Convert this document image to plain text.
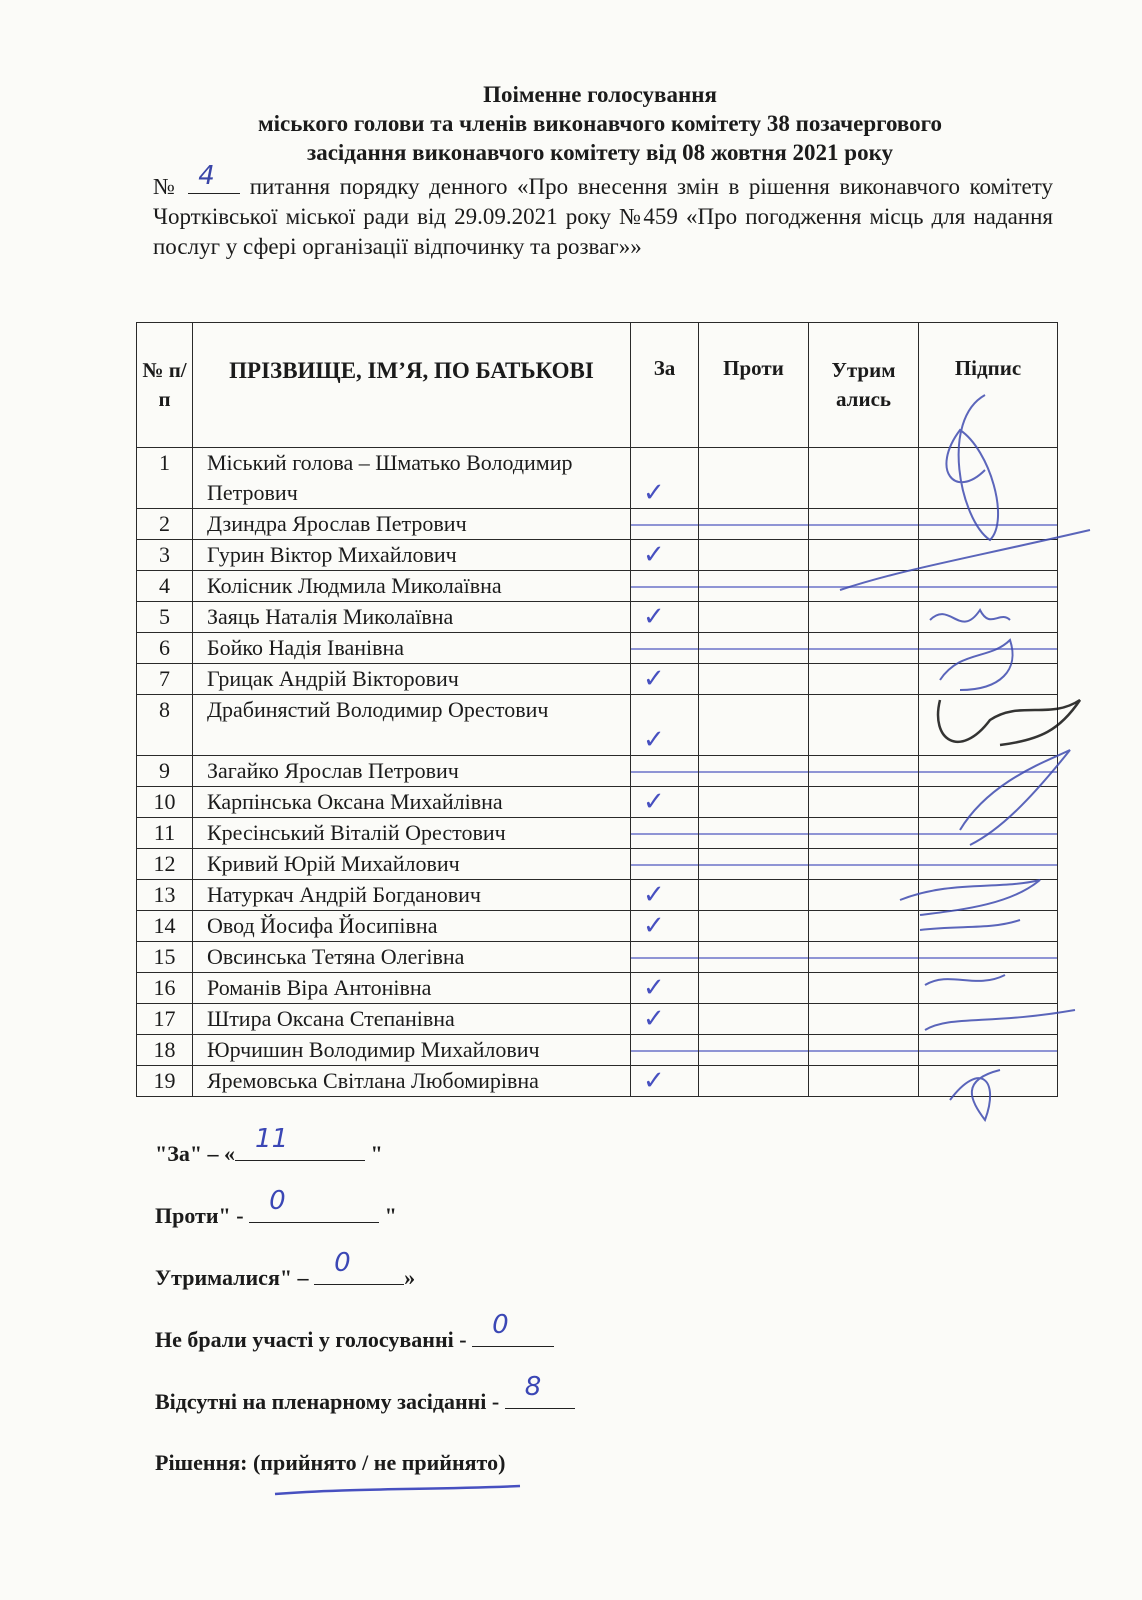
Поіменне голосування
міського голови та членів виконавчого комітету 38 позачергового
засідання виконавчого комітету від 08 жовтня 2021 року
№ 4 питання порядку денного «Про внесення змін в рішення виконавчого комітету Чортківської міської ради від 29.09.2021 року №459 «Про погодження місць для надання послуг у сфері організації відпочинку та розваг»»
№ п/п	ПРІЗВИЩЕ, ІМ’Я, ПО БАТЬКОВІ	За	Проти	Утрим ались	Підпис
1	Міський голова – Шматько Володимир Петрович	✓			

2	Дзиндра Ярослав Петрович	

3	Гурин Віктор Михайлович	✓			

4	Колісник Людмила Миколаївна	

5	Заяць Наталія Миколаївна	✓			

6	Бойко Надія Іванівна	

7	Грицак Андрій Вікторович	✓			

8	Драбинястий Володимир Орестович	✓			

9	Загайко Ярослав Петрович	

10	Карпінська Оксана Михайлівна	✓			

11	Кресінський Віталій Орестович	

12	Кривий Юрій Михайлович	

13	Натуркач Андрій Богданович	✓			

14	Овод Йосифа Йосипівна	✓			

15	Овсинська Тетяна Олегівна	

16	Романів Віра Антонівна	✓			

17	Штира Оксана Степанівна	✓			

18	Юрчишин Володимир Михайлович	

19	Яремовська Світлана Любомирівна	✓			

"За" – « 11	"
Проти" - 0	"
Утрималися" – 0 »
Не брали участі у голосуванні - 0
Відсутні на пленарному засіданні - 8
Рішення: (прийнято / не прийнято)
